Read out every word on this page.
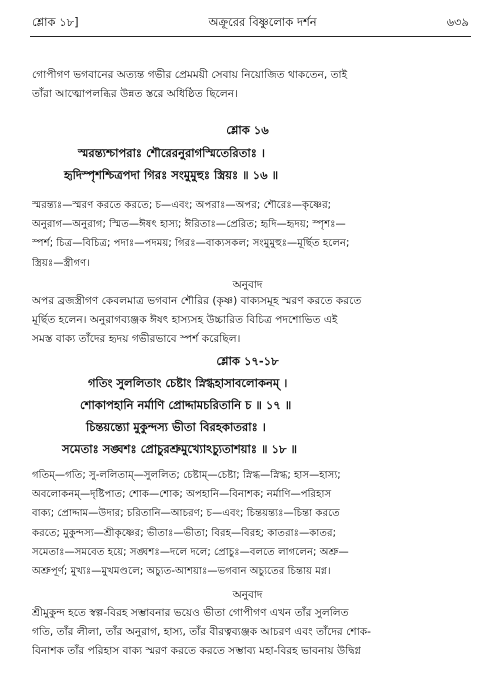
শ্লোক ১৮]	অক্রূরের বিষ্ণুলোক দর্শন	৬৩৯
গোপীগণ ভগবানের অত্যন্ত গভীর প্রেমময়ী সেবায় নিয়োজিত থাকতেন, তাই
তাঁরা আত্মোপলব্ধির উন্নত স্তরে অধিষ্ঠিত ছিলেন।
শ্লোক ১৬
স্মরন্ত্যশ্চাপরাঃ শৌরেরনুরাগস্মিতেরিতাঃ ।
হৃদিস্পৃশশ্চিত্রপদা গিরঃ সংমুমুহুঃ স্ত্রিয়ঃ ॥ ১৬ ॥
স্মরন্ত্যঃ—স্মরণ করতে করতে; চ—এবং; অপরাঃ—অপর; শৌরেঃ—কৃষ্ণের;
অনুরাগ—অনুরাগ; স্মিত—ঈষৎ হাস্য; ঈরিতাঃ—প্রেরিত; হৃদি—হৃদয়; স্পৃশঃ—
স্পর্শ; চিত্র—বিচিত্র; পদাঃ—পদময়; গিরঃ—বাক্যসকল; সংমুমুহুঃ—মূর্ছিত হলেন;
স্ত্রিয়ঃ—স্ত্রীগণ।
অনুবাদ
অপর ব্রজস্ত্রীগণ কেবলমাত্র ভগবান শৌরির (কৃষ্ণ) বাক্যসমূহ স্মরণ করতে করতে
মূর্ছিত হলেন। অনুরাগব্যঞ্জক ঈষৎ হাস্যসহ উচ্চারিত বিচিত্র পদশোভিত এই
সমস্ত বাক্য তাঁদের হৃদয় গভীরভাবে স্পর্শ করেছিল।
শ্লোক ১৭-১৮
গতিং সুললিতাং চেষ্টাং স্নিগ্ধহাসাবলোকনম্ ।
শোকাপহানি নর্মাণি প্রোদ্দামচরিতানি চ ॥ ১৭ ॥
চিন্তয়ন্ত্যো মুকুন্দস্য ভীতা বিরহকাতরাঃ ।
সমেতাঃ সঙ্ঘশঃ প্রোচুরশ্রুমুখ্যোঽচ্যুতাশয়াঃ ॥ ১৮ ॥
গতিম্—গতি; সু-ললিতাম্—সুললিত; চেষ্টাম্—চেষ্টা; স্নিগ্ধ—স্নিগ্ধ; হাস—হাস্য;
অবলোকনম্—দৃষ্টিপাত; শোক—শোক; অপহানি—বিনাশক; নর্মাণি—পরিহাস
বাক্য; প্রোদ্দাম—উদার; চরিতানি—আচরণ; চ—এবং; চিন্তয়ন্ত্যঃ—চিন্তা করতে
করতে; মুকুন্দস্য—শ্রীকৃষ্ণের; ভীতাঃ—ভীতা; বিরহ—বিরহ; কাতরাঃ—কাতর;
সমেতাঃ—সমবেত হয়ে; সঙ্ঘশঃ—দলে দলে; প্রোচুঃ—বলতে লাগলেন; অশ্রু—
অশ্রুপূর্ণ; মুখ্যঃ—মুখমণ্ডলে; অচ্যুত-আশয়াঃ—ভগবান অচ্যুতের চিন্তায় মগ্ন।
অনুবাদ
শ্রীমুকুন্দ হতে স্বল্প-বিরহ সম্ভাবনার ভয়েও ভীতা গোপীগণ এখন তাঁর সুললিত
গতি, তাঁর লীলা, তাঁর অনুরাগ, হাস্য, তাঁর বীরত্বব্যঞ্জক আচরণ এবং তাঁদের শোক-
বিনাশক তাঁর পরিহাস বাক্য স্মরণ করতে করতে সম্ভাব্য মহা-বিরহ ভাবনায় উদ্বিগ্ন
